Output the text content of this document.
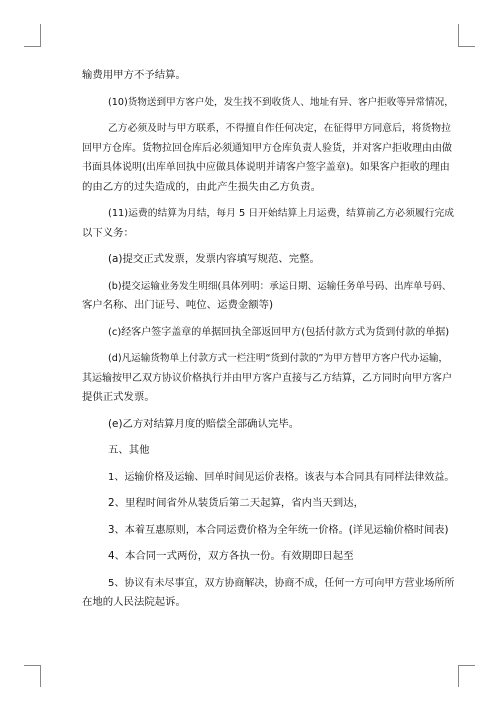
输费用甲方不予结算。

(10)货物送到甲方客户处，发生找不到收货人、地址有异、客户拒收等异常情况，

乙方必须及时与甲方联系，不得擅自作任何决定，在征得甲方同意后，将货物拉

回甲方仓库。货物拉回仓库后必须通知甲方仓库负责人验货，并对客户拒收理由由做

书面具体说明(出库单回执中应做具体说明并请客户签字盖章)。如果客户拒收的理由

的由乙方的过失造成的，由此产生损失由乙方负责。

(11)运费的结算为月结，每月 5 日开始结算上月运费，结算前乙方必须履行完成

以下义务：

(a)提交正式发票，发票内容填写规范、完整。

(b)提交运输业务发生明细(具体列明：承运日期、运输任务单号码、出库单号码、

客户名称、出门证号、吨位、运费金额等)

(c)经客户签字盖章的单据回执全部返回甲方(包括付款方式为货到付款的单据)

(d)凡运输货物单上付款方式一栏注明“货到付款的”为甲方替甲方客户代办运输，

其运输按甲乙双方协议价格执行并由甲方客户直接与乙方结算，乙方同时向甲方客户

提供正式发票。

(e)乙方对结算月度的赔偿全部确认完毕。

五、其他

1、运输价格及运输、回单时间见运价表格。该表与本合同具有同样法律效益。

2、里程时间省外从装货后第二天起算，省内当天到达，

3、本着互惠原则，本合同运费价格为全年统一价格。(详见运输价格时间表)

4、本合同一式两份，双方各执一份。有效期即日起至

5、协议有未尽事宜，双方协商解决，协商不成，任何一方可向甲方营业场所所

在地的人民法院起诉。
